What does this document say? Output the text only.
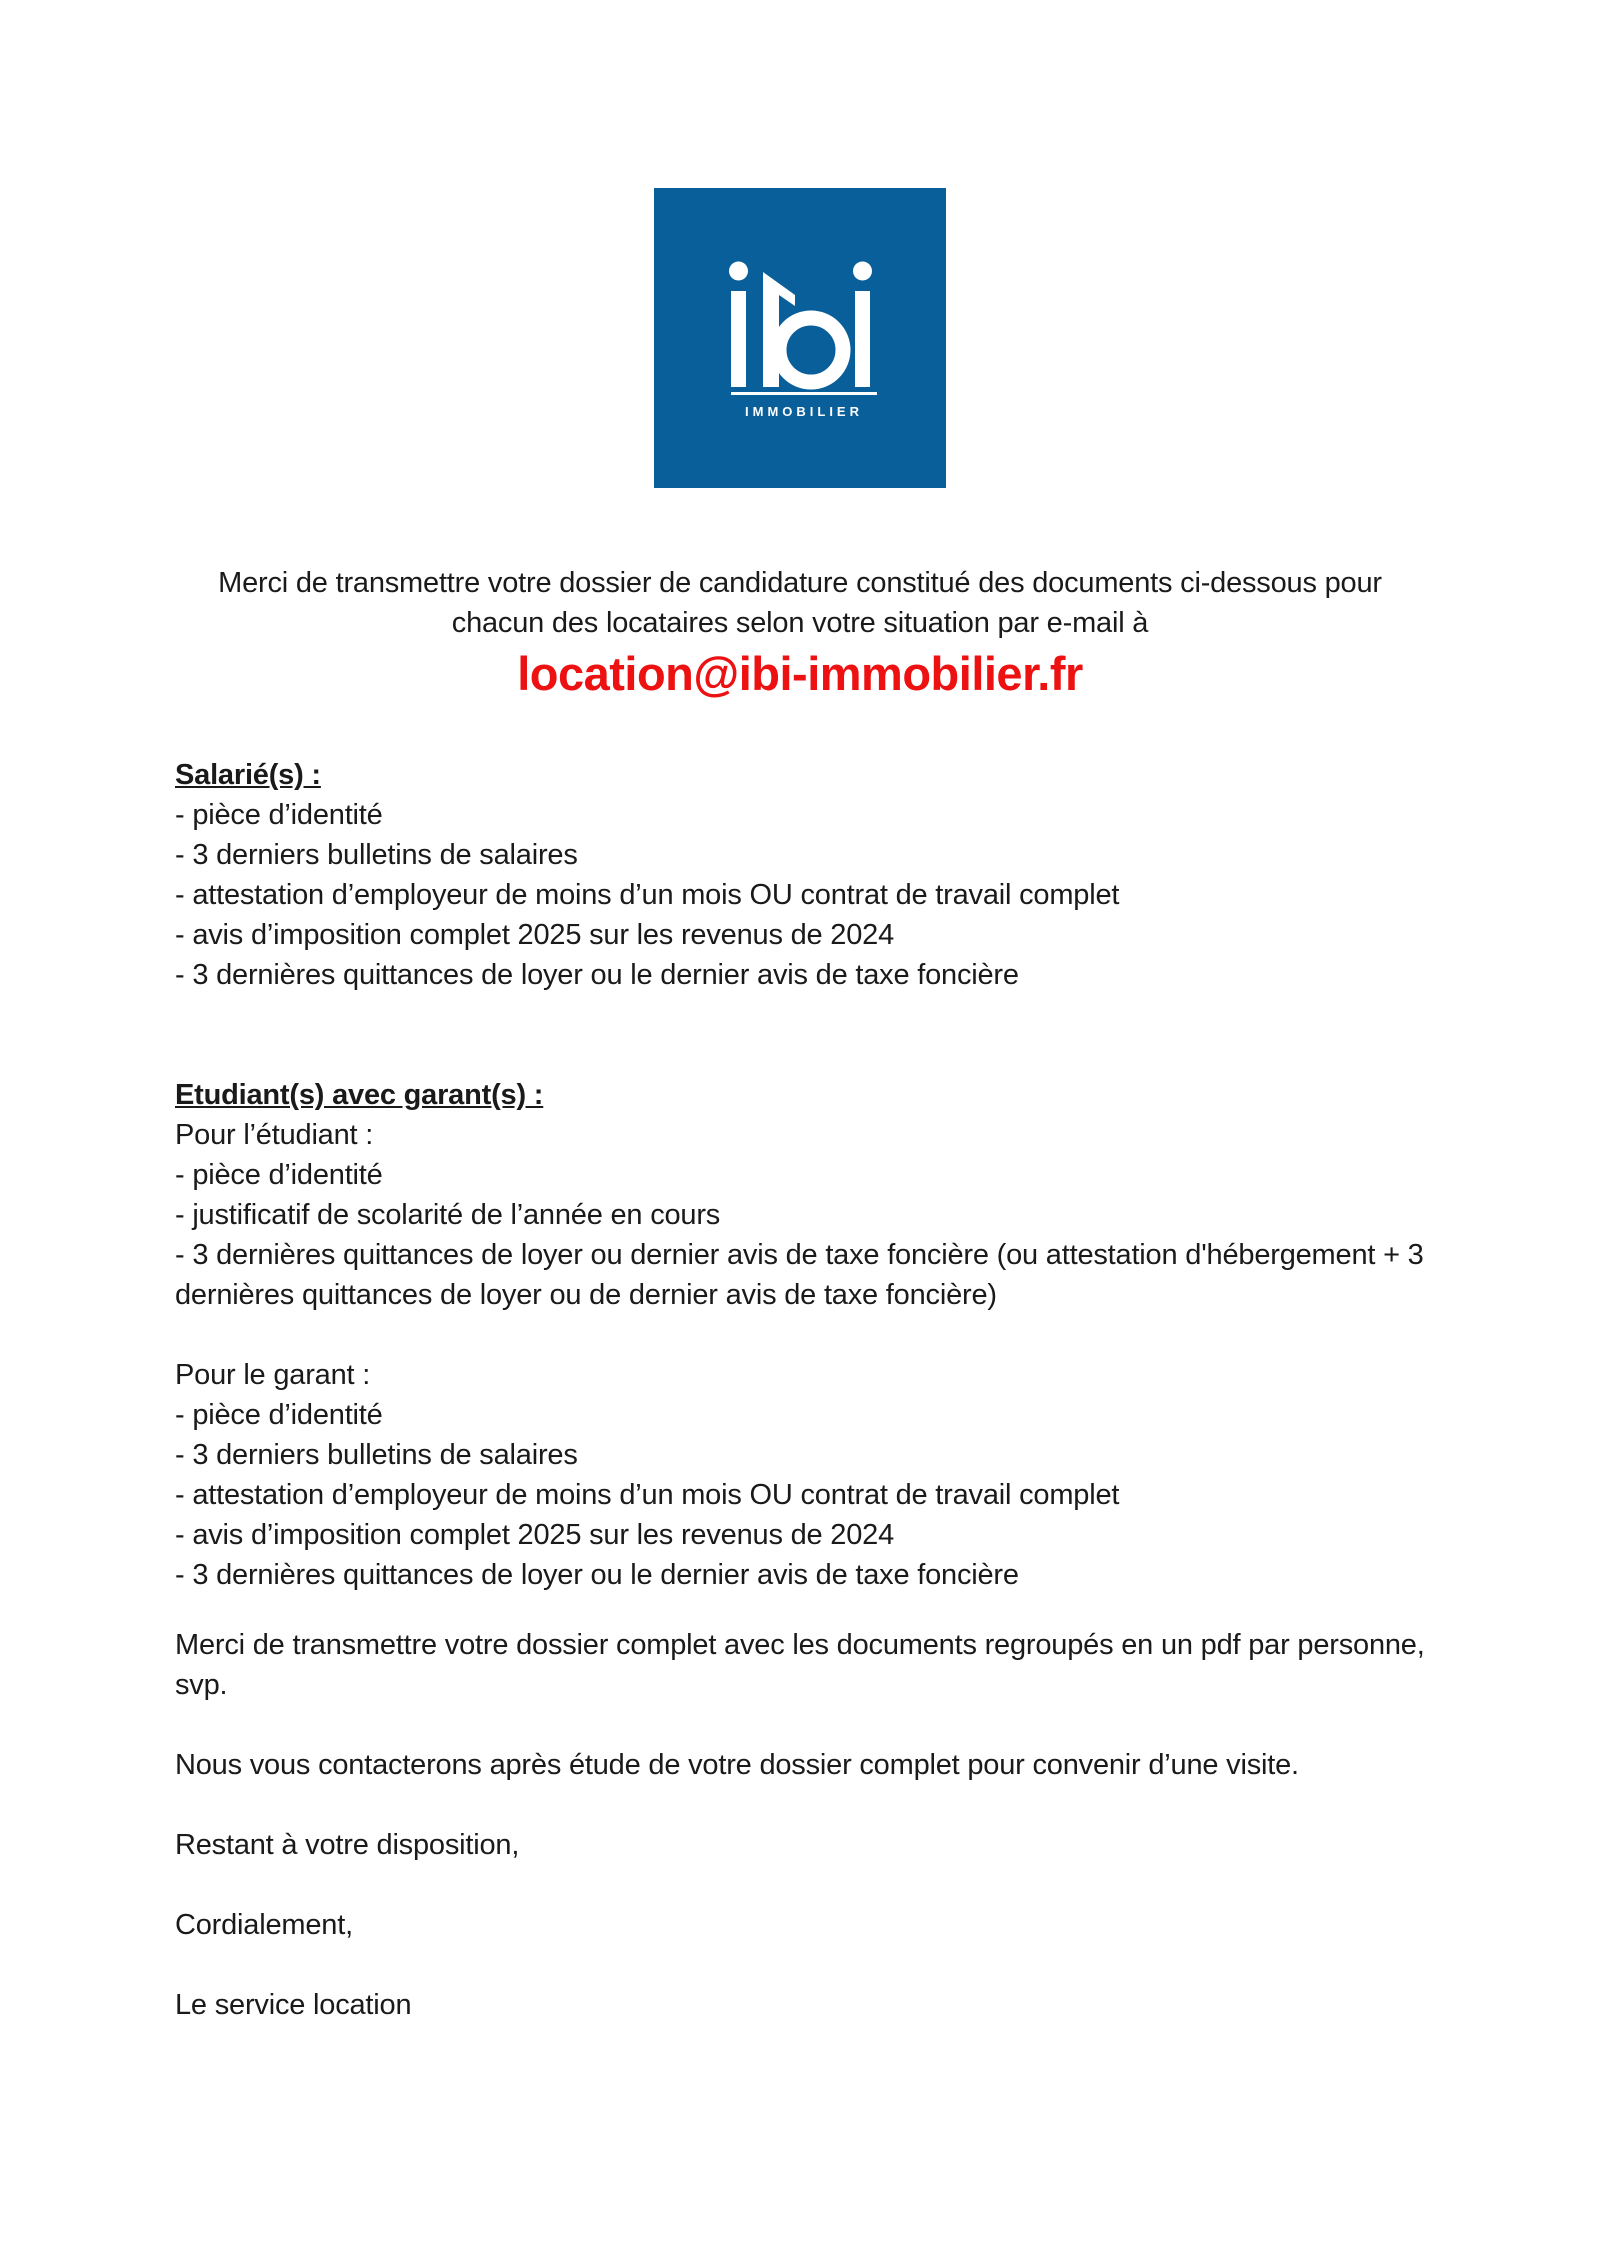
IMMOBILIER
Merci de transmettre votre dossier de candidature constitué des documents ci-dessous pour
chacun des locataires selon votre situation par e-mail à
location@ibi-immobilier.fr
Salarié(s) :
- pièce d’identité
- 3 derniers bulletins de salaires
- attestation d’employeur de moins d’un mois OU contrat de travail complet
- avis d’imposition complet 2025 sur les revenus de 2024
- 3 dernières quittances de loyer ou le dernier avis de taxe foncière
Etudiant(s) avec garant(s) :
Pour l’étudiant :
- pièce d’identité
- justificatif de scolarité de l’année en cours
- 3 dernières quittances de loyer ou dernier avis de taxe foncière (ou attestation d'hébergement + 3 dernières quittances de loyer ou de dernier avis de taxe foncière)
Pour le garant :
- pièce d’identité
- 3 derniers bulletins de salaires
- attestation d’employeur de moins d’un mois OU contrat de travail complet
- avis d’imposition complet 2025 sur les revenus de 2024
- 3 dernières quittances de loyer ou le dernier avis de taxe foncière
Merci de transmettre votre dossier complet avec les documents regroupés en un pdf par personne, svp.
Nous vous contacterons après étude de votre dossier complet pour convenir d’une visite.
Restant à votre disposition,
Cordialement,
Le service location
